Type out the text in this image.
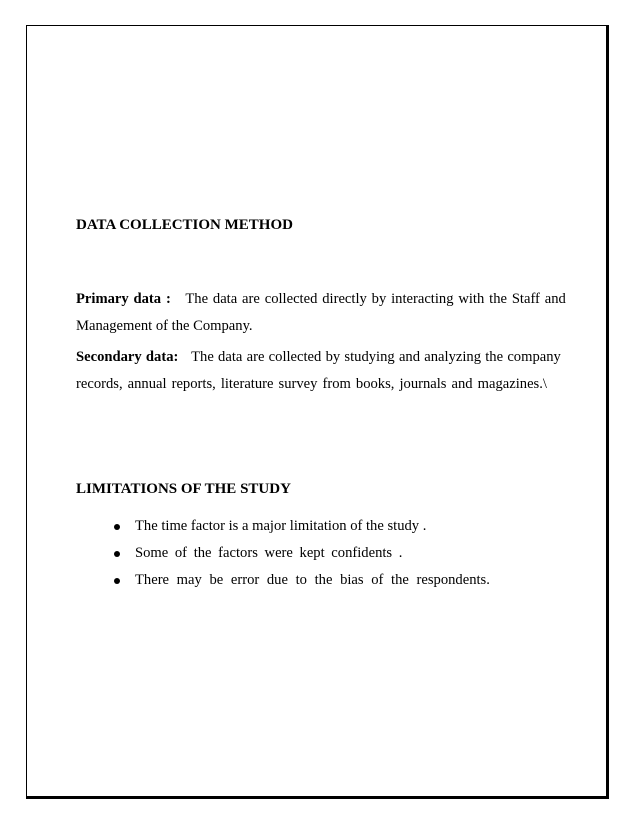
DATA COLLECTION METHOD
Primary data : The data are collected directly by interacting with the Staff and
Management of the Company.
Secondary data: The data are collected by studying and analyzing the company
records, annual reports, literature survey from books, journals and magazines.\
LIMITATIONS OF THE STUDY
The time factor is a major limitation of the study .
Some of the factors were kept confidents .
There may be error due to the bias of the respondents.
